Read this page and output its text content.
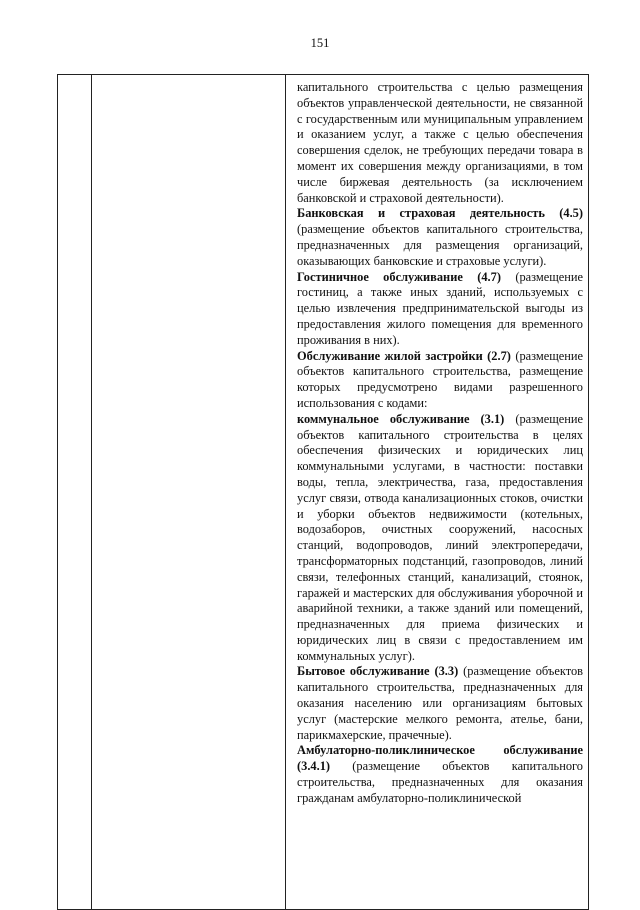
151

капитального строительства с целью размещения объектов управленческой деятельности, не связанной с государственным или муниципальным управлением и оказанием услуг, а также с целью обеспечения совершения сделок, не требующих передачи товара в момент их совершения между организациями, в том числе биржевая деятельность (за исключением банковской и страховой деятельности).

Банковская и страховая деятельность (4.5) (размещение объектов капитального строительства, предназначенных для размещения организаций, оказывающих банковские и страховые услуги).

Гостиничное обслуживание (4.7) (размещение гостиниц, а также иных зданий, используемых с целью извлечения предпринимательской выгоды из предоставления жилого помещения для временного проживания в них).

Обслуживание жилой застройки (2.7) (размещение объектов капитального строительства, размещение которых предусмотрено видами разрешенного использования с кодами:

коммунальное обслуживание (3.1) (размещение объектов капитального строительства в целях обеспечения физических и юридических лиц коммунальными услугами, в частности: поставки воды, тепла, электричества, газа, предоставления услуг связи, отвода канализационных стоков, очистки и уборки объектов недвижимости (котельных, водозаборов, очистных сооружений, насосных станций, водопроводов, линий электропередачи, трансформаторных подстанций, газопроводов, линий связи, телефонных станций, канализаций, стоянок, гаражей и мастерских для обслуживания уборочной и аварийной техники, а также зданий или помещений, предназначенных для приема физических и юридических лиц в связи с предоставлением им коммунальных услуг).

Бытовое обслуживание (3.3) (размещение объектов капитального строительства, предназначенных для оказания населению или организациям бытовых услуг (мастерские мелкого ремонта, ателье, бани, парикмахерские, прачечные).

Амбулаторно-поликлиническое обслуживание (3.4.1) (размещение объектов капитального строительства, предназначенных для оказания гражданам амбулаторно-поликлинической
